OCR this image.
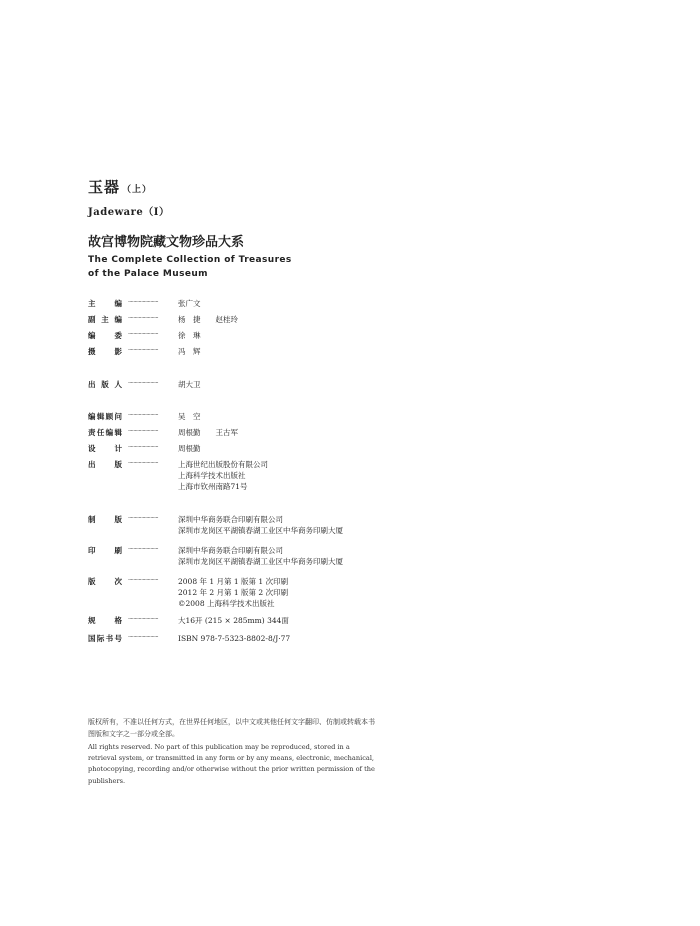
玉器 （上）
Jadeware（Ⅰ）
故宫博物院藏文物珍品大系
The Complete Collection of Treasures
of the Palace Museum
主　编 ·······················	张广文
副主编 ·······················	杨　捷　　赵桂玲
编　委 ·······················	徐　琳
摄　影 ·······················	冯　辉
出版人 ·······················	胡大卫
编辑顾问 ·······················	吴　空
责任编辑 ·······················	周根勤　　王古军
设　计 ·······················	周根勤
出　版 ·······················	上海世纪出版股份有限公司
上海科学技术出版社
上海市钦州南路71号
制　版 ·······················	深圳中华商务联合印刷有限公司
深圳市龙岗区平湖镇春湖工业区中华商务印刷大厦
印　刷 ·······················	深圳中华商务联合印刷有限公司
深圳市龙岗区平湖镇春湖工业区中华商务印刷大厦
版　次 ·······················	2008 年 1 月第 1 版第 1 次印刷
2012 年 2 月第 1 版第 2 次印刷
©2008 上海科学技术出版社
规　格 ·······················	大16开 (215 × 285mm) 344面
国际书号 ·······················	ISBN 978-7-5323-8802-8/J·77

版权所有，不准以任何方式，在世界任何地区，以中文或其他任何文字翻印、仿制或转载本书图版和文字之一部分或全部。

All rights reserved. No part of this publication may be reproduced, stored in a retrieval system, or transmitted in any form or by any means, electronic, mechanical, photocopying, recording and/or otherwise without the prior written permission of the publishers.
